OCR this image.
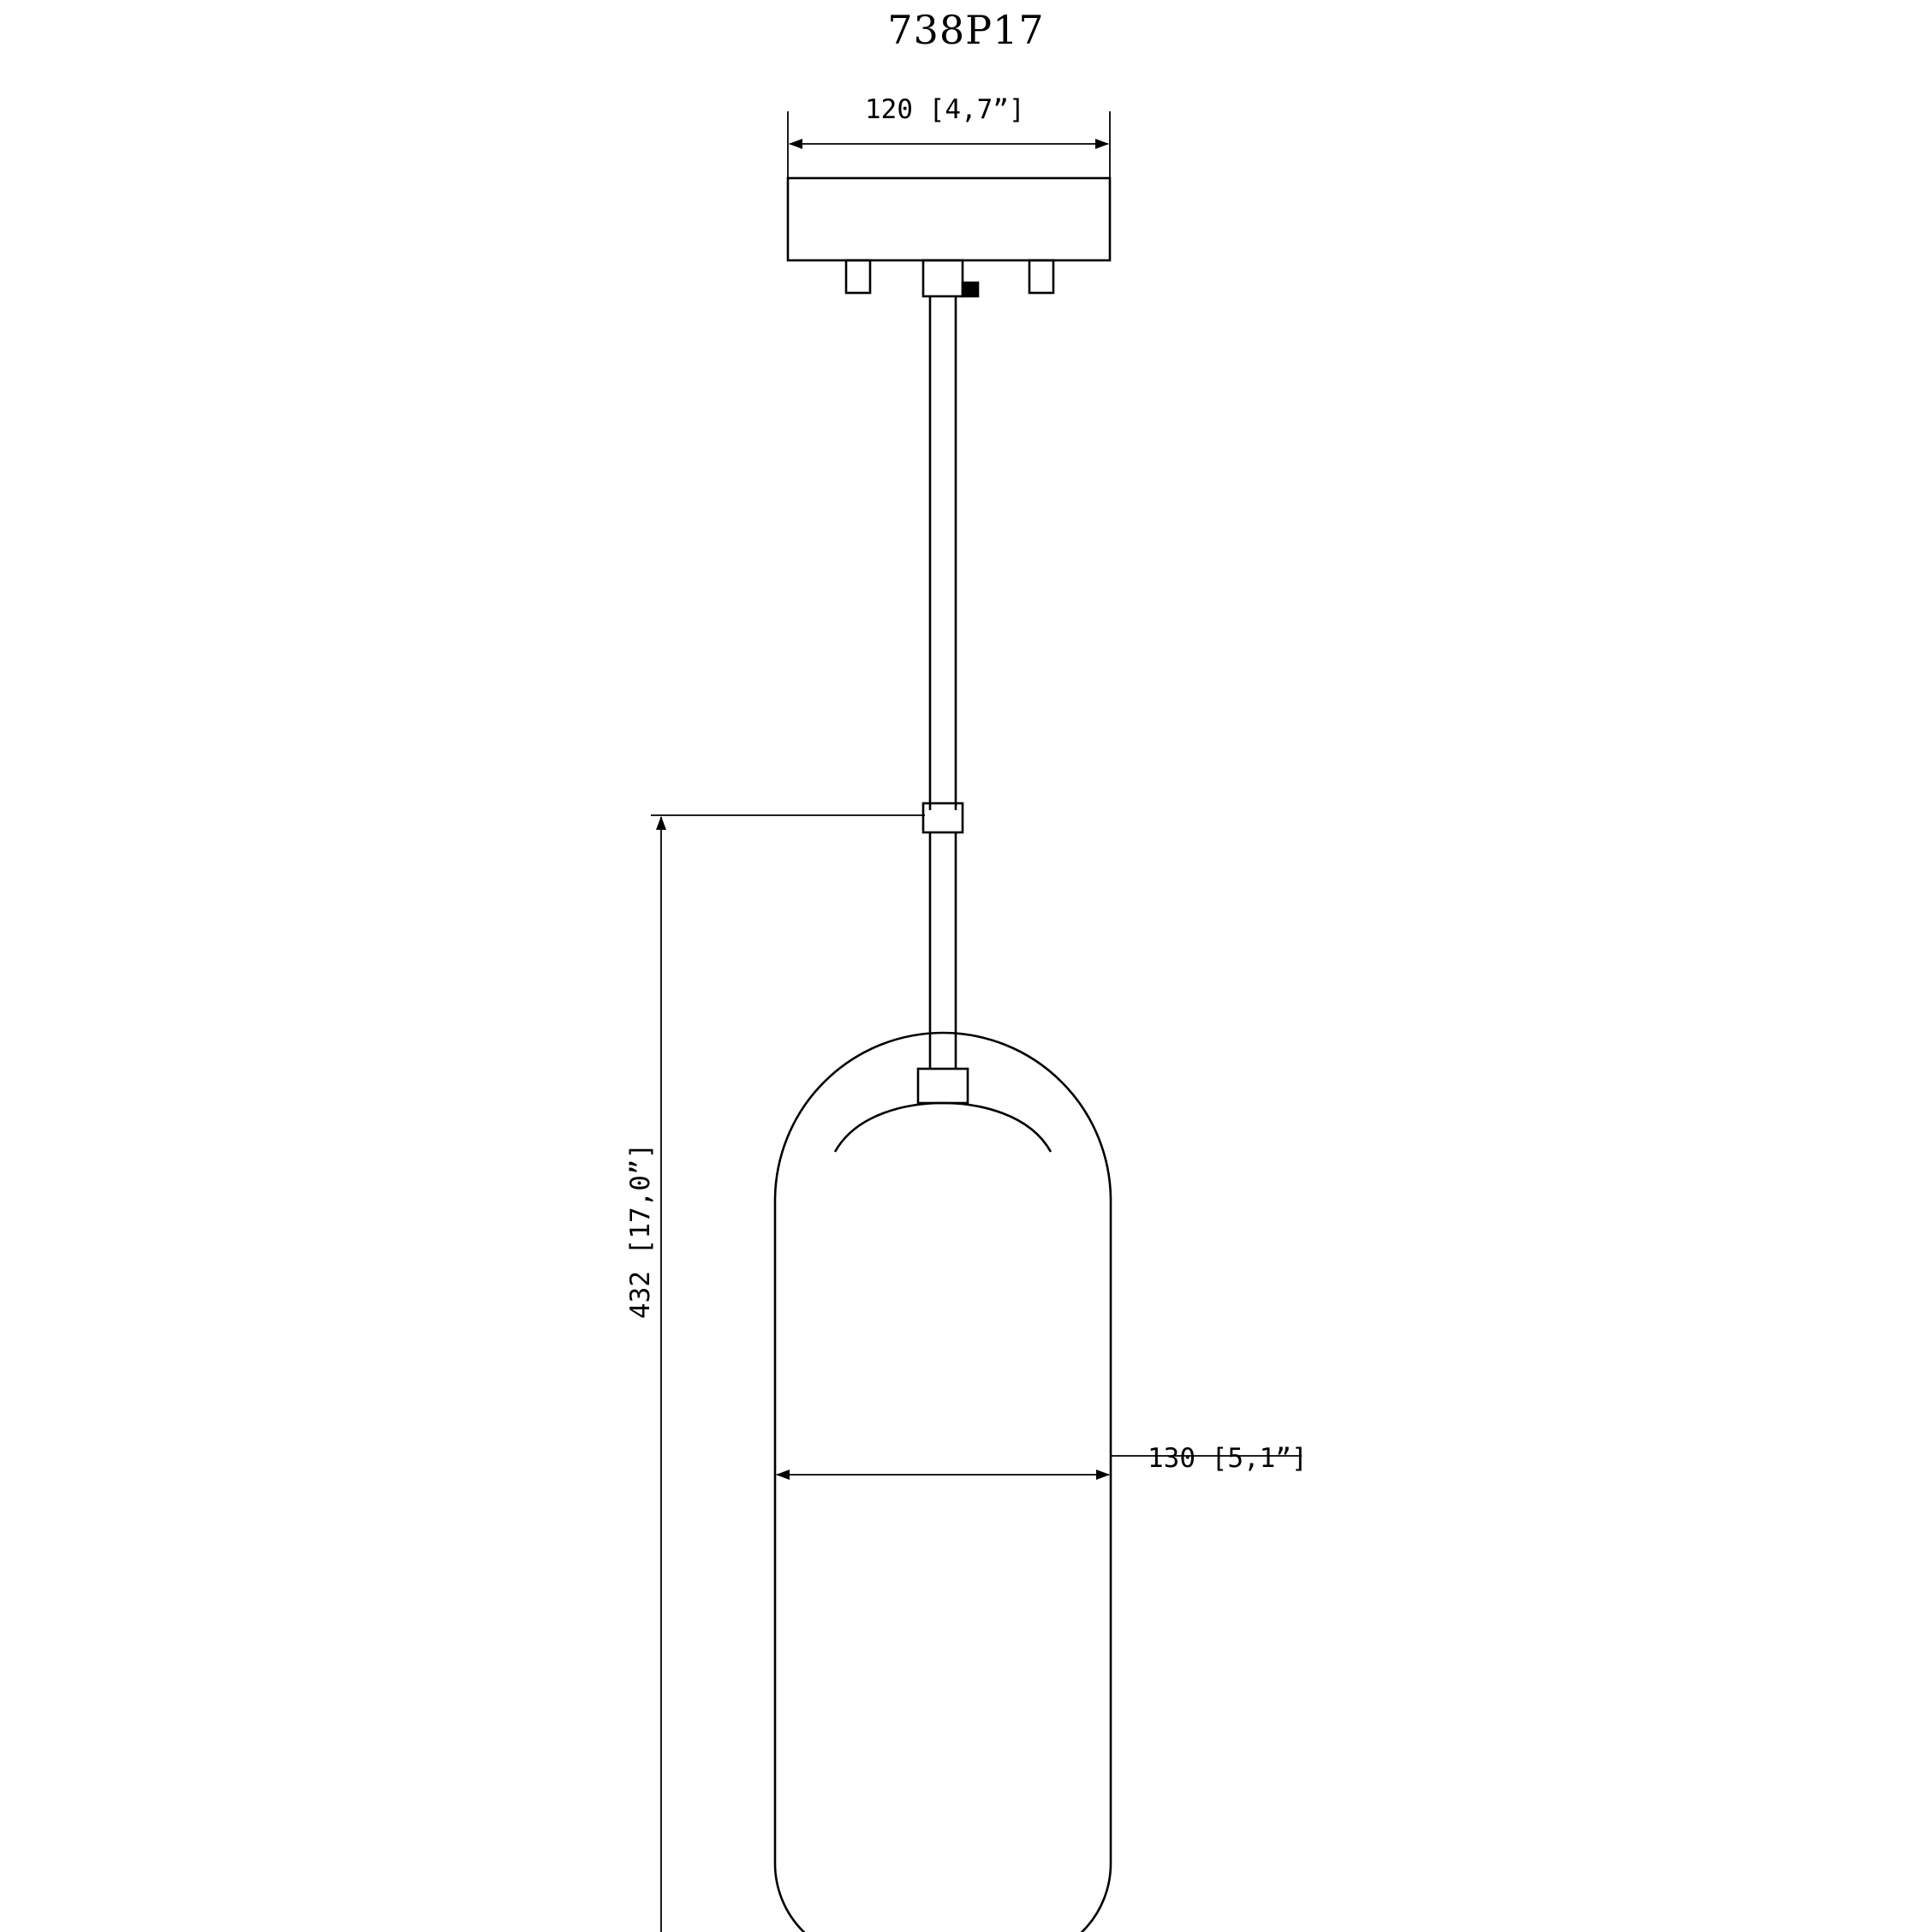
738P17
120 [4,7”]
130 [5,1”]
432 [17,0”]
